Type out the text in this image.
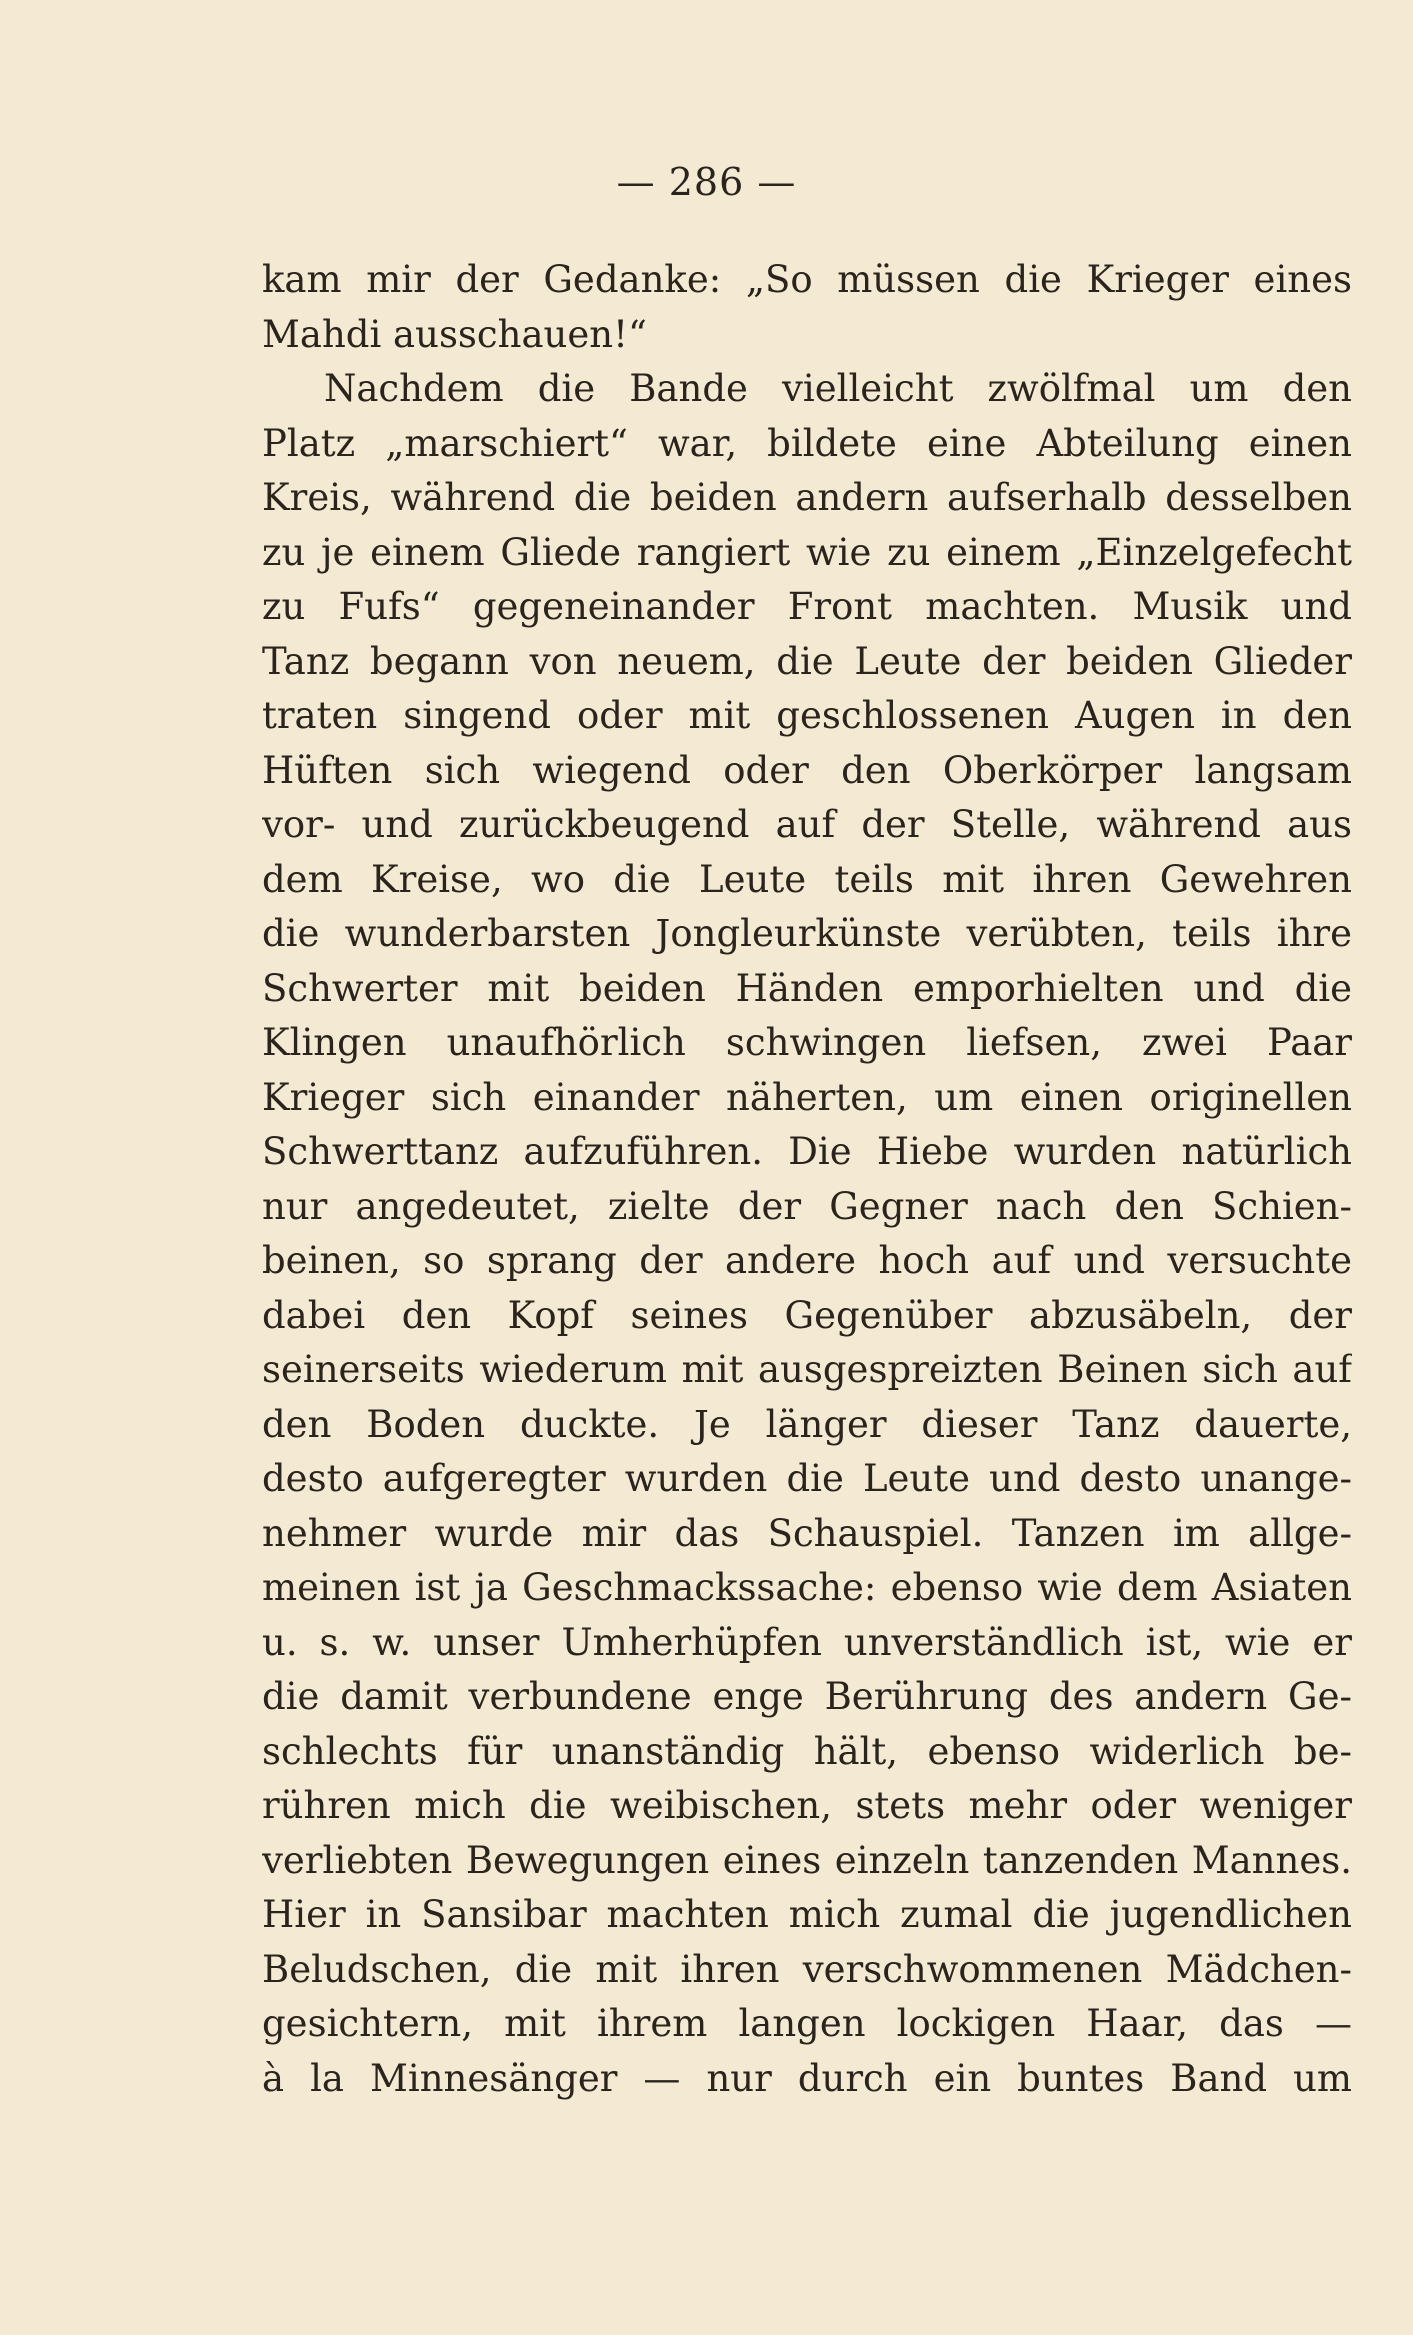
— 286 —
kam mir der Gedanke: „So müssen die Krieger eines
Mahdi ausschauen!“
Nachdem die Bande vielleicht zwölfmal um den
Platz „marschiert“ war, bildete eine Abteilung einen
Kreis, während die beiden andern aufserhalb desselben
zu je einem Gliede rangiert wie zu einem „Einzelgefecht
zu Fufs“ gegeneinander Front machten. Musik und
Tanz begann von neuem, die Leute der beiden Glieder
traten singend oder mit geschlossenen Augen in den
Hüften sich wiegend oder den Oberkörper langsam
vor- und zurückbeugend auf der Stelle, während aus
dem Kreise, wo die Leute teils mit ihren Gewehren
die wunderbarsten Jongleurkünste verübten, teils ihre
Schwerter mit beiden Händen emporhielten und die
Klingen unaufhörlich schwingen liefsen, zwei Paar
Krieger sich einander näherten, um einen originellen
Schwerttanz aufzuführen. Die Hiebe wurden natürlich
nur angedeutet, zielte der Gegner nach den Schien-
beinen, so sprang der andere hoch auf und versuchte
dabei den Kopf seines Gegenüber abzusäbeln, der
seinerseits wiederum mit ausgespreizten Beinen sich auf
den Boden duckte. Je länger dieser Tanz dauerte,
desto aufgeregter wurden die Leute und desto unange-
nehmer wurde mir das Schauspiel. Tanzen im allge-
meinen ist ja Geschmackssache: ebenso wie dem Asiaten
u. s. w. unser Umherhüpfen unverständlich ist, wie er
die damit verbundene enge Berührung des andern Ge-
schlechts für unanständig hält, ebenso widerlich be-
rühren mich die weibischen, stets mehr oder weniger
verliebten Bewegungen eines einzeln tanzenden Mannes.
Hier in Sansibar machten mich zumal die jugendlichen
Beludschen, die mit ihren verschwommenen Mädchen-
gesichtern, mit ihrem langen lockigen Haar, das —
à la Minnesänger — nur durch ein buntes Band um
